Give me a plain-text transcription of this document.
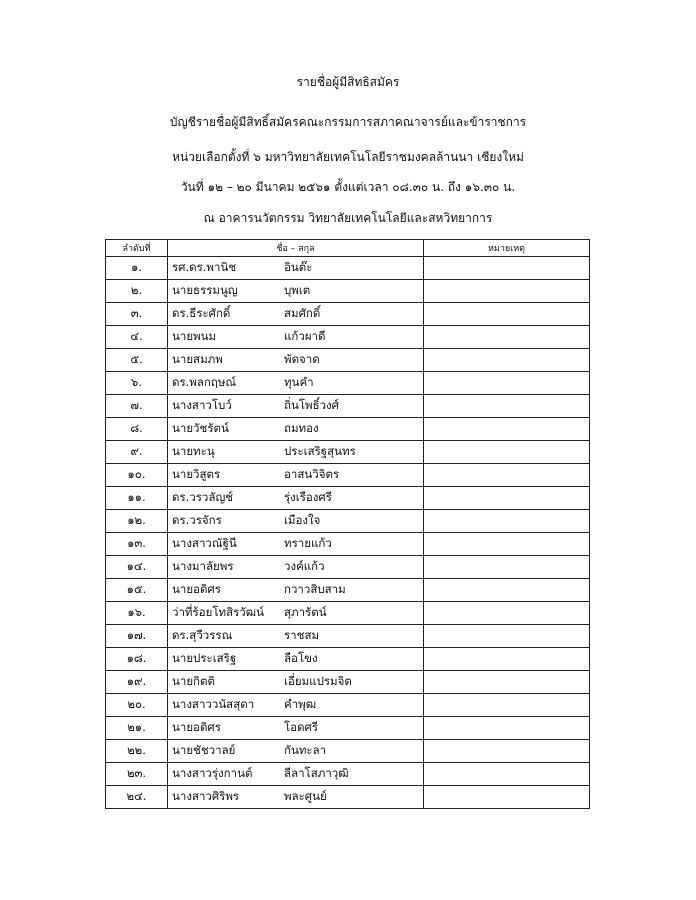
รายชื่อผู้มีสิทธิสมัคร
บัญชีรายชื่อผู้มีสิทธิ์สมัครคณะกรรมการสภาคณาจารย์และข้าราชการ
หน่วยเลือกตั้งที่ ๖ มหาวิทยาลัยเทคโนโลยีราชมงคลล้านนา เชียงใหม่
วันที่ ๑๒ – ๒๐ มีนาคม ๒๕๖๑ ตั้งแต่เวลา ๐๘.๓๐ น. ถึง ๑๖.๓๐ น.
ณ อาคารนวัตกรรม วิทยาลัยเทคโนโลยีและสหวิทยาการ
ลำดับที่	ชื่อ – สกุล	หมายเหตุ
๑.	รศ.ดร.พานิช อินต๊ะ	
๒.	นายธรรมนูญ บุพเต	
๓.	ดร.ธีระศักดิ์ สมศักดิ์	
๔.	นายพนม แก้วผาดี	
๕.	นายสมภพ พัดจาด	
๖.	ดร.พลกฤษณ์ ทุนคำ	
๗.	นางสาวโบว์ ถิ่นโพธิ์วงศ์	
๘.	นายวัชรัตน์ ถมทอง	
๙.	นายทะนุ ประเสริฐสุนทร	
๑๐.	นายวิสูตร อาสนวิจิตร	
๑๑.	ดร.วรวลัญช์ รุ่งเรืองศรี	
๑๒.	ดร.วรจักร เมืองใจ	
๑๓.	นางสาวณัฐินี ทรายแก้ว	
๑๔.	นางมาลัยพร วงค์แก้ว	
๑๕.	นายอดิศร กวาวสิบสาม	
๑๖.	ว่าที่ร้อยโทสิรวัฒน์ สุภารัตน์	
๑๗.	ดร.สุวีวรรณ ราชสม	
๑๘.	นายประเสริฐ ลือโขง	
๑๙.	นายกิตติ เอี่ยมแปรมจิต	
๒๐.	นางสาววนัสสุดา คำพุฒ	
๒๑.	นายอดิศร โอดศรี	
๒๒.	นายชัชวาลย์ กันทะลา	
๒๓.	นางสาวรุ่งกานต์ ลีลาโสภาวุฒิ	
๒๔.	นางสาวศิริพร พละศูนย์	
